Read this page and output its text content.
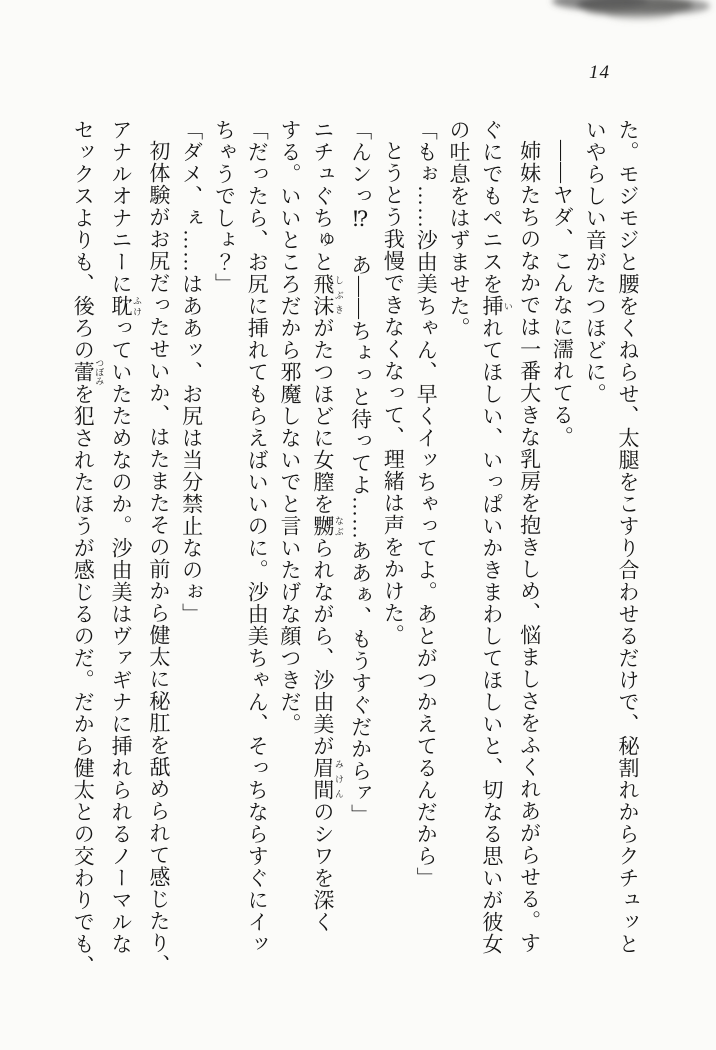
14

た。モジモジと腰をくねらせ、太腿をこすり合わせるだけで、秘割れからクチュッと

いやらしい音がたつほどに。

――ヤダ、こんなに濡れてる。

姉妹たちのなかでは一番大きな乳房を抱きしめ、悩ましさをふくれあがらせる。す

ぐにでもペニスを挿 いれてほしい、いっぱいかきまわしてほしいと、切なる思いが彼女

の吐息をはずませた。

「もぉ……沙由美ちゃん、早くイッちゃってよ。あとがつかえてるんだから」

とうとう我慢できなくなって、理緒は声をかけた。

「んンっ⁉　あ――ちょっと待ってよ……ああぁ、もうすぐだからァ」

ニチュぐちゅと飛沫 しぶきがたつほどに女膣を嬲 なぶられながら、沙由美が眉間 みけんのシワを深く

する。いいところだから邪魔しないでと言いたげな顔つきだ。

「だったら、お尻に挿れてもらえばいいのに。沙由美ちゃん、そっちならすぐにイッ

ちゃうでしょ？」

「ダメ、ぇ……はああッ、お尻は当分禁止なのぉ」

初体験がお尻だったせいか、はたまたその前から健太に秘肛を舐められて感じたり、

アナルオナニーに耽 ふけっていたためなのか。沙由美はヴァギナに挿れられるノーマルな

セックスよりも、後ろの蕾 つぼみを犯されたほうが感じるのだ。だから健太との交わりでも、
